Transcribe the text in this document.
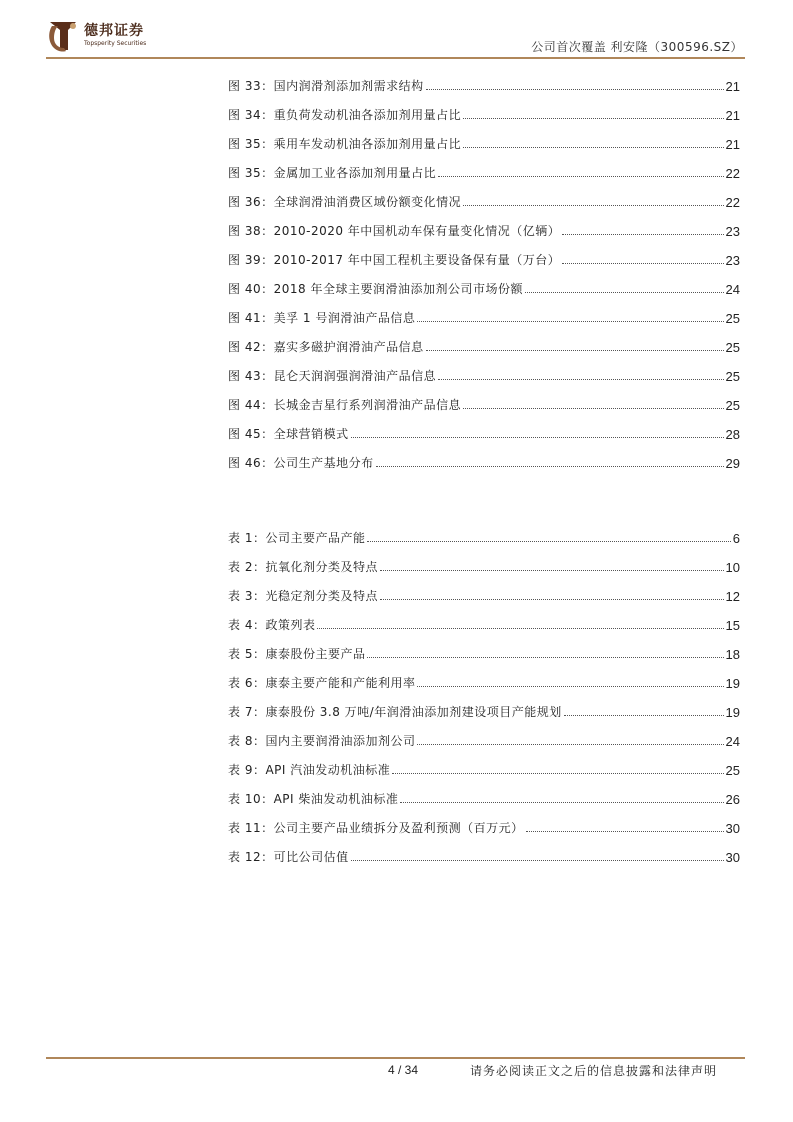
德邦证券
Topsperity Securities	公司首次覆盖 利安隆（300596.SZ）
图 33：国内润滑剂添加剂需求结构	21
图 34：重负荷发动机油各添加剂用量占比	21
图 35：乘用车发动机油各添加剂用量占比	21
图 35：金属加工业各添加剂用量占比	22
图 36：全球润滑油消费区域份额变化情况	22
图 38：2010-2020 年中国机动车保有量变化情况（亿辆）	23
图 39：2010-2017 年中国工程机主要设备保有量（万台）	23
图 40：2018 年全球主要润滑油添加剂公司市场份额	24
图 41：美孚 1 号润滑油产品信息	25
图 42：嘉实多磁护润滑油产品信息	25
图 43：昆仑天润润强润滑油产品信息	25
图 44：长城金吉星行系列润滑油产品信息	25
图 45：全球营销模式	28
图 46：公司生产基地分布	29
表 1：公司主要产品产能	6
表 2：抗氧化剂分类及特点	10
表 3：光稳定剂分类及特点	12
表 4：政策列表	15
表 5：康泰股份主要产品	18
表 6：康泰主要产能和产能利用率	19
表 7：康泰股份 3.8 万吨/年润滑油添加剂建设项目产能规划	19
表 8：国内主要润滑油添加剂公司	24
表 9：API 汽油发动机油标准	25
表 10：API 柴油发动机油标准	26
表 11：公司主要产品业绩拆分及盈利预测（百万元）	30
表 12：可比公司估值	30
4 / 34	请务必阅读正文之后的信息披露和法律声明
